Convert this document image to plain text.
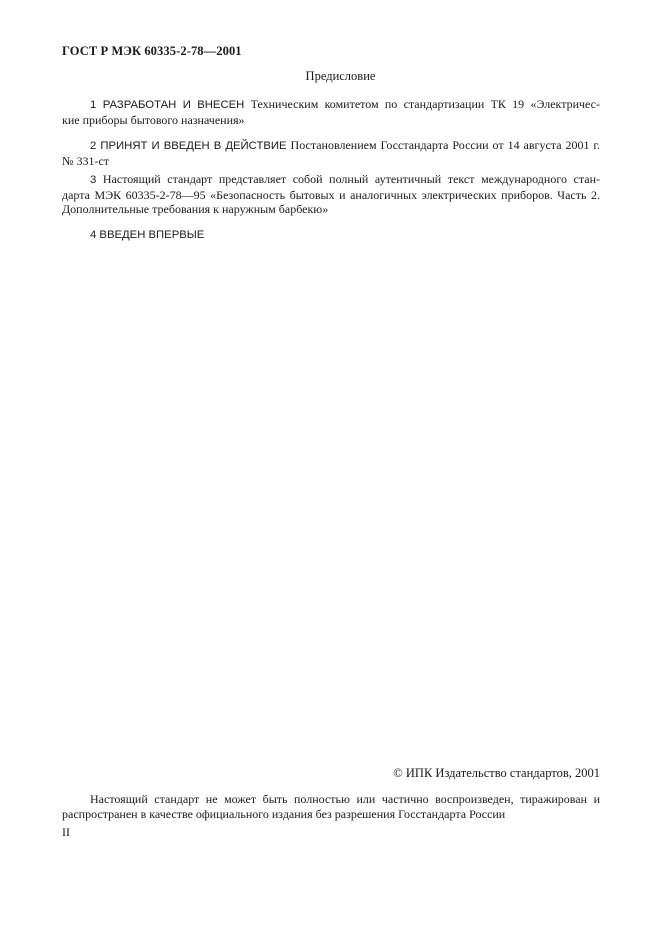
ГОСТ Р МЭК 60335-2-78—2001
Предисловие
1 РАЗРАБОТАН И ВНЕСЕН Техническим комитетом по стандартизации ТК 19 «Электричес-
кие приборы бытового назначения»
2 ПРИНЯТ И ВВЕДЕН В ДЕЙСТВИЕ Постановлением Госстандарта России от 14 августа 2001 г.
№ 331-ст
3 Настоящий стандарт представляет собой полный аутентичный текст международного стан-
дарта МЭК 60335-2-78—95 «Безопасность бытовых и аналогичных электрических приборов. Часть 2.
Дополнительные требования к наружным барбекю»
4 ВВЕДЕН ВПЕРВЫЕ
© ИПК Издательство стандартов, 2001
Настоящий стандарт не может быть полностью или частично воспроизведен, тиражирован и
распространен в качестве официального издания без разрешения Госстандарта России
II
